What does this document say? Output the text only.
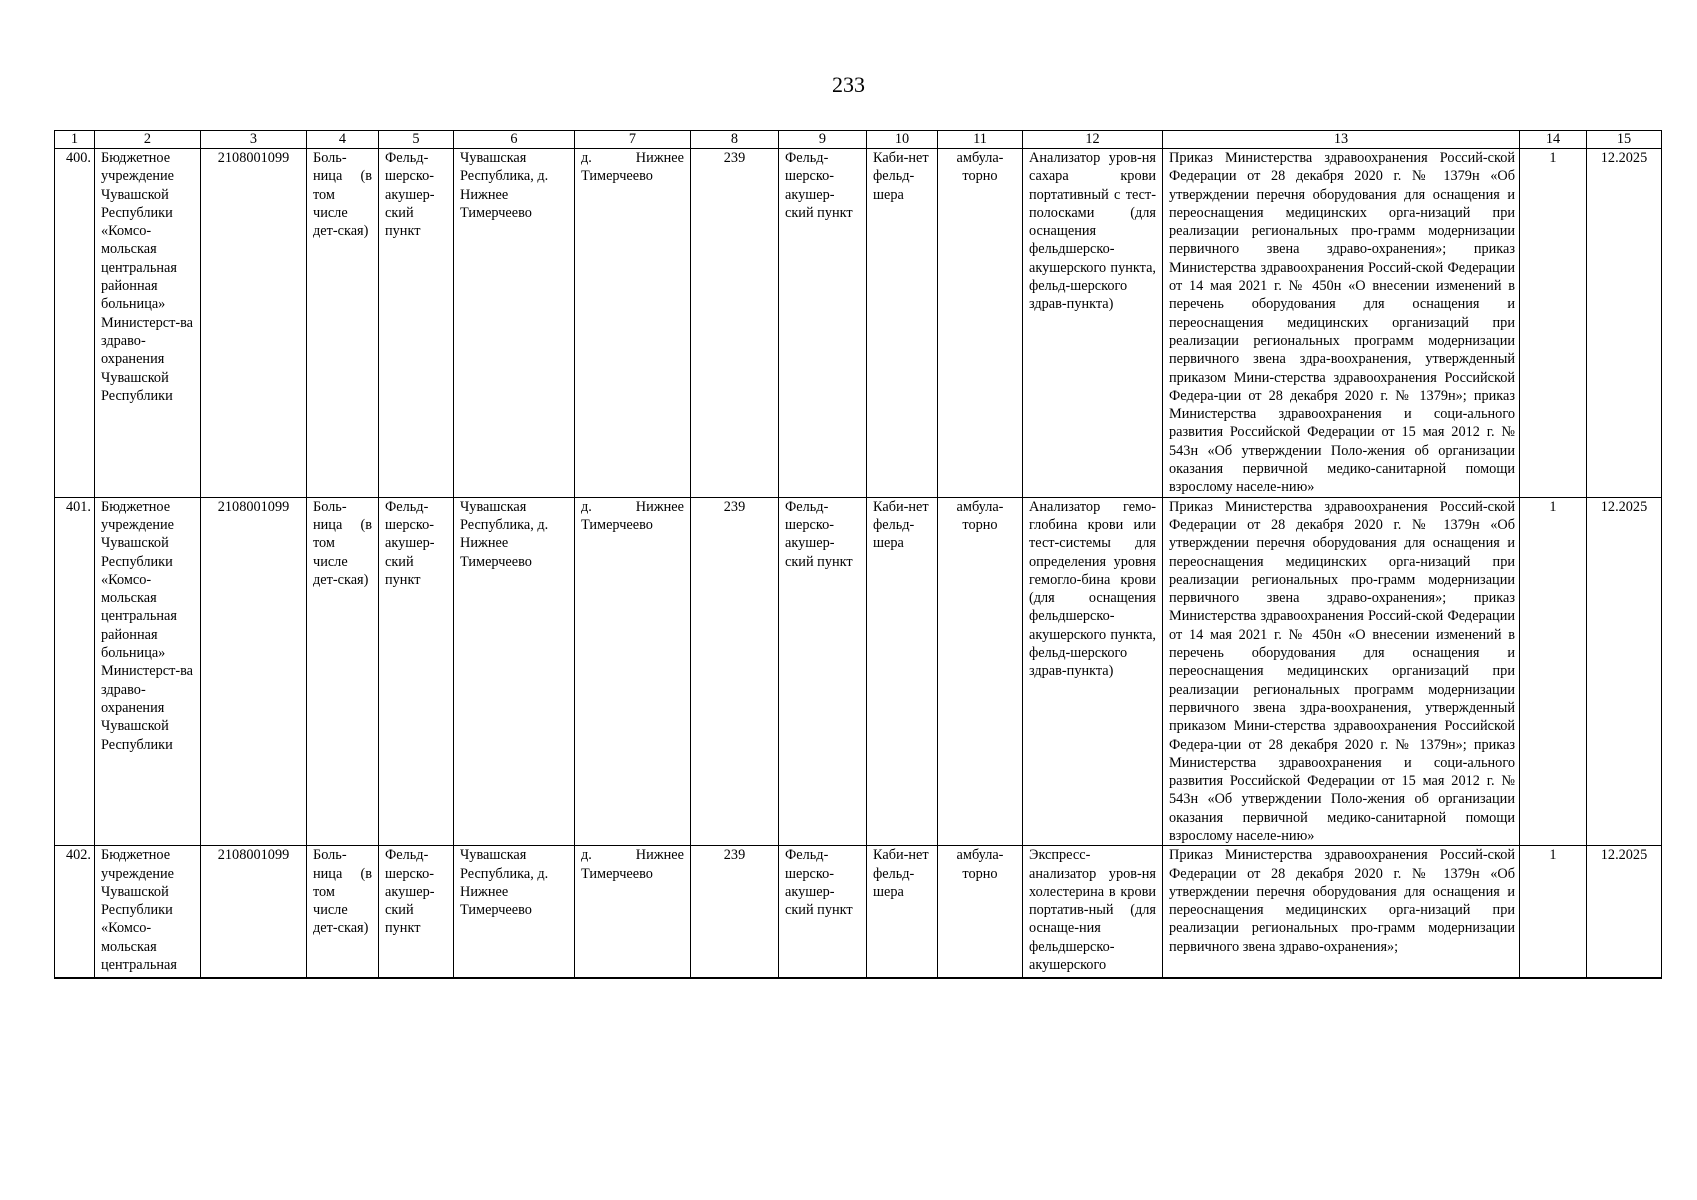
233
1	2	3	4	5	6	7	8	9	10	11	12	13	14	15
400.	Бюджетное учреждение Чувашской Республики «Комсо-мольская центральная районная больница» Министерст-ва здраво-охранения Чувашской Республики	2108001099	Боль-ница (в том числе дет-ская)	Фельд-шерско-акушер-ский пункт	Чувашская Республика, д. Нижнее Тимерчеево	д. Нижнее Тимерчеево	239	Фельд-шерско-акушер-ский пункт	Каби-нет фельд-шера	амбула-торно	Анализатор уров-ня сахара крови портативный с тест-полосками (для оснащения фельдшерско-акушерского пункта, фельд-шерского здрав-пункта)	Приказ Министерства здравоохранения Россий-ской Федерации от 28 декабря 2020 г. № 1379н «Об утверждении перечня оборудования для оснащения и переоснащения медицинских орга-низаций при реализации региональных про-грамм модернизации первичного звена здраво-охранения»; приказ Министерства здравоохранения Россий-ской Федерации от 14 мая 2021 г. № 450н «О внесении изменений в перечень оборудования для оснащения и переоснащения медицинских организаций при реализации региональных программ модернизации первичного звена здра-воохранения, утвержденный приказом Мини-стерства здравоохранения Российской Федера-ции от 28 декабря 2020 г. № 1379н»; приказ Министерства здравоохранения и соци-ального развития Российской Федерации от 15 мая 2012 г. № 543н «Об утверждении Поло-жения об организации оказания первичной медико-санитарной помощи взрослому населе-нию»	1	12.2025
401.	Бюджетное учреждение Чувашской Республики «Комсо-мольская центральная районная больница» Министерст-ва здраво-охранения Чувашской Республики	2108001099	Боль-ница (в том числе дет-ская)	Фельд-шерско-акушер-ский пункт	Чувашская Республика, д. Нижнее Тимерчеево	д. Нижнее Тимерчеево	239	Фельд-шерско-акушер-ский пункт	Каби-нет фельд-шера	амбула-торно	Анализатор гемо-глобина крови или тест-системы для определения уровня гемогло-бина крови (для оснащения фельдшерско-акушерского пункта, фельд-шерского здрав-пункта)	Приказ Министерства здравоохранения Россий-ской Федерации от 28 декабря 2020 г. № 1379н «Об утверждении перечня оборудования для оснащения и переоснащения медицинских орга-низаций при реализации региональных про-грамм модернизации первичного звена здраво-охранения»; приказ Министерства здравоохранения Россий-ской Федерации от 14 мая 2021 г. № 450н «О внесении изменений в перечень оборудования для оснащения и переоснащения медицинских организаций при реализации региональных программ модернизации первичного звена здра-воохранения, утвержденный приказом Мини-стерства здравоохранения Российской Федера-ции от 28 декабря 2020 г. № 1379н»; приказ Министерства здравоохранения и соци-ального развития Российской Федерации от 15 мая 2012 г. № 543н «Об утверждении Поло-жения об организации оказания первичной медико-санитарной помощи взрослому населе-нию»	1	12.2025

402.	Бюджетное учреждение Чувашской Республики «Комсо-мольская центральная	2108001099	Боль-ница (в том числе дет-ская)	Фельд-шерско-акушер-ский пункт	Чувашская Республика, д. Нижнее Тимерчеево	д. Нижнее Тимерчеево	239	Фельд-шерско-акушер-ский пункт	Каби-нет фельд-шера	амбула-торно	Экспресс-анализатор уров-ня холестерина в крови портатив-ный (для оснаще-ния фельдшерско-акушерского	Приказ Министерства здравоохранения Россий-ской Федерации от 28 декабря 2020 г. № 1379н «Об утверждении перечня оборудования для оснащения и переоснащения медицинских орга-низаций при реализации региональных про-грамм модернизации первичного звена здраво-охранения»;	1	12.2025
